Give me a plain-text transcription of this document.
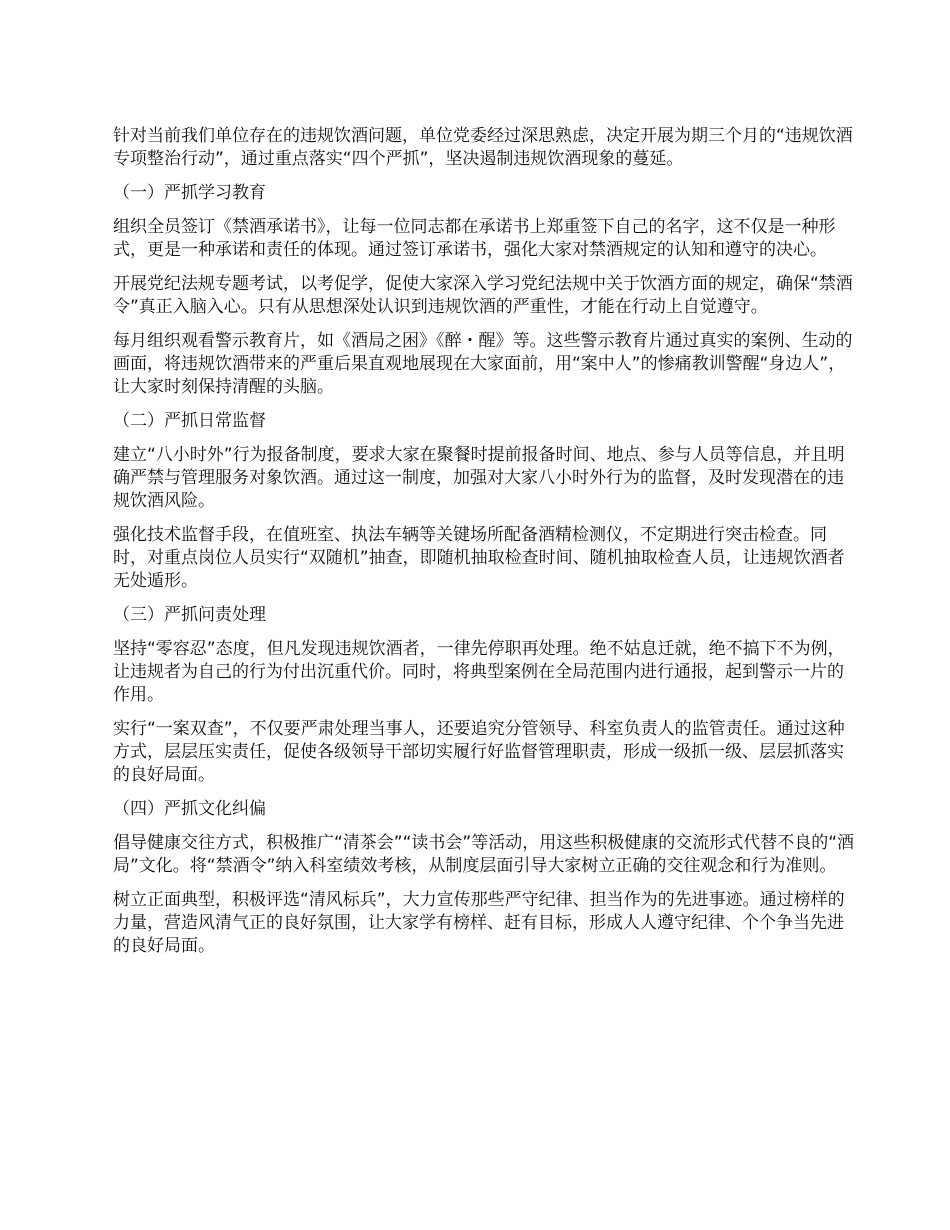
针对当前我们单位存在的违规饮酒问题，单位党委经过深思熟虑，决定开展为期三个月的“违规饮酒专项整治行动”，通过重点落实“四个严抓”，坚决遏制违规饮酒现象的蔓延。

（一）严抓学习教育

组织全员签订《禁酒承诺书》，让每一位同志都在承诺书上郑重签下自己的名字，这不仅是一种形式，更是一种承诺和责任的体现。通过签订承诺书，强化大家对禁酒规定的认知和遵守的决心。

开展党纪法规专题考试，以考促学，促使大家深入学习党纪法规中关于饮酒方面的规定，确保“禁酒令”真正入脑入心。只有从思想深处认识到违规饮酒的严重性，才能在行动上自觉遵守。

每月组织观看警示教育片，如《酒局之困》《醉・醒》等。这些警示教育片通过真实的案例、生动的画面，将违规饮酒带来的严重后果直观地展现在大家面前，用“案中人”的惨痛教训警醒“身边人”，让大家时刻保持清醒的头脑。

（二）严抓日常监督

建立“八小时外”行为报备制度，要求大家在聚餐时提前报备时间、地点、参与人员等信息，并且明确严禁与管理服务对象饮酒。通过这一制度，加强对大家八小时外行为的监督，及时发现潜在的违规饮酒风险。

强化技术监督手段，在值班室、执法车辆等关键场所配备酒精检测仪，不定期进行突击检查。同时，对重点岗位人员实行“双随机”抽查，即随机抽取检查时间、随机抽取检查人员，让违规饮酒者无处遁形。

（三）严抓问责处理

坚持“零容忍”态度，但凡发现违规饮酒者，一律先停职再处理。绝不姑息迁就，绝不搞下不为例，让违规者为自己的行为付出沉重代价。同时，将典型案例在全局范围内进行通报，起到警示一片的作用。

实行“一案双查”，不仅要严肃处理当事人，还要追究分管领导、科室负责人的监管责任。通过这种方式，层层压实责任，促使各级领导干部切实履行好监督管理职责，形成一级抓一级、层层抓落实的良好局面。

（四）严抓文化纠偏

倡导健康交往方式，积极推广“清茶会”“读书会”等活动，用这些积极健康的交流形式代替不良的“酒局”文化。将“禁酒令”纳入科室绩效考核，从制度层面引导大家树立正确的交往观念和行为准则。

树立正面典型，积极评选“清风标兵”，大力宣传那些严守纪律、担当作为的先进事迹。通过榜样的力量，营造风清气正的良好氛围，让大家学有榜样、赶有目标，形成人人遵守纪律、个个争当先进的良好局面。
